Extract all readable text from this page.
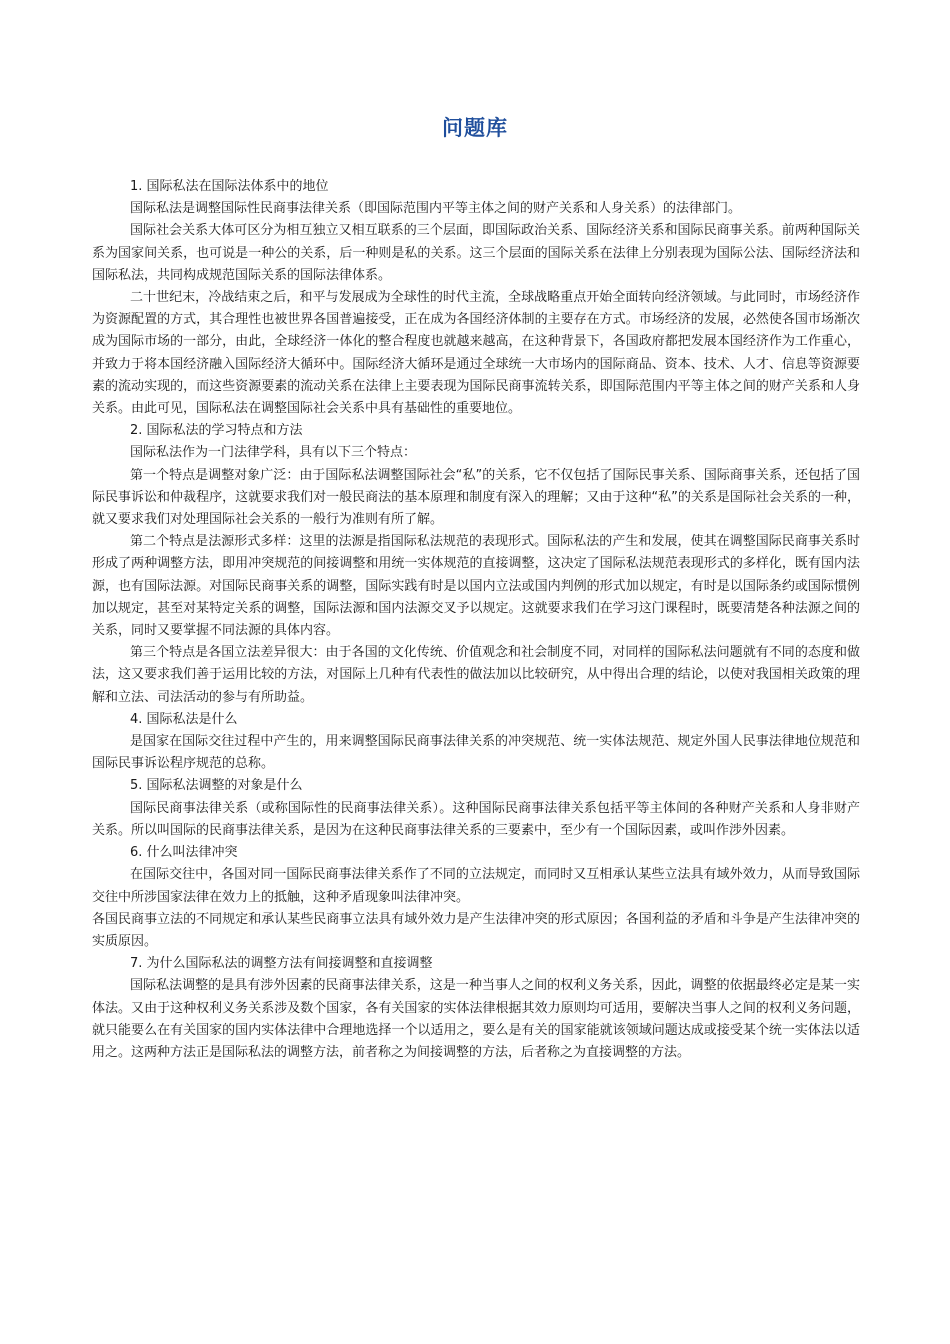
问题库

1. 国际私法在国际法体系中的地位

国际私法是调整国际性民商事法律关系（即国际范围内平等主体之间的财产关系和人身关系）的法律部门。

国际社会关系大体可区分为相互独立又相互联系的三个层面，即国际政治关系、国际经济关系和国际民商事关系。前两种国际关系为国家间关系，也可说是一种公的关系，后一种则是私的关系。这三个层面的国际关系在法律上分别表现为国际公法、国际经济法和国际私法，共同构成规范国际关系的国际法律体系。

二十世纪末，冷战结束之后，和平与发展成为全球性的时代主流，全球战略重点开始全面转向经济领域。与此同时，市场经济作为资源配置的方式，其合理性也被世界各国普遍接受，正在成为各国经济体制的主要存在方式。市场经济的发展，必然使各国市场渐次成为国际市场的一部分，由此，全球经济一体化的整合程度也就越来越高，在这种背景下，各国政府都把发展本国经济作为工作重心，并致力于将本国经济融入国际经济大循环中。国际经济大循环是通过全球统一大市场内的国际商品、资本、技术、人才、信息等资源要素的流动实现的，而这些资源要素的流动关系在法律上主要表现为国际民商事流转关系，即国际范围内平等主体之间的财产关系和人身关系。由此可见，国际私法在调整国际社会关系中具有基础性的重要地位。

2. 国际私法的学习特点和方法

国际私法作为一门法律学科，具有以下三个特点：

第一个特点是调整对象广泛：由于国际私法调整国际社会“私”的关系，它不仅包括了国际民事关系、国际商事关系，还包括了国际民事诉讼和仲裁程序，这就要求我们对一般民商法的基本原理和制度有深入的理解；又由于这种“私”的关系是国际社会关系的一种，就又要求我们对处理国际社会关系的一般行为准则有所了解。

第二个特点是法源形式多样：这里的法源是指国际私法规范的表现形式。国际私法的产生和发展，使其在调整国际民商事关系时形成了两种调整方法，即用冲突规范的间接调整和用统一实体规范的直接调整，这决定了国际私法规范表现形式的多样化，既有国内法源，也有国际法源。对国际民商事关系的调整，国际实践有时是以国内立法或国内判例的形式加以规定，有时是以国际条约或国际惯例加以规定，甚至对某特定关系的调整，国际法源和国内法源交叉予以规定。这就要求我们在学习这门课程时，既要清楚各种法源之间的关系，同时又要掌握不同法源的具体内容。

第三个特点是各国立法差异很大：由于各国的文化传统、价值观念和社会制度不同，对同样的国际私法问题就有不同的态度和做法，这又要求我们善于运用比较的方法，对国际上几种有代表性的做法加以比较研究，从中得出合理的结论，以使对我国相关政策的理解和立法、司法活动的参与有所助益。

4. 国际私法是什么

是国家在国际交往过程中产生的，用来调整国际民商事法律关系的冲突规范、统一实体法规范、规定外国人民事法律地位规范和国际民事诉讼程序规范的总称。

5. 国际私法调整的对象是什么

国际民商事法律关系（或称国际性的民商事法律关系）。这种国际民商事法律关系包括平等主体间的各种财产关系和人身非财产关系。所以叫国际的民商事法律关系，是因为在这种民商事法律关系的三要素中，至少有一个国际因素，或叫作涉外因素。

6. 什么叫法律冲突

在国际交往中，各国对同一国际民商事法律关系作了不同的立法规定，而同时又互相承认某些立法具有域外效力，从而导致国际交往中所涉国家法律在效力上的抵触，这种矛盾现象叫法律冲突。

各国民商事立法的不同规定和承认某些民商事立法具有域外效力是产生法律冲突的形式原因；各国利益的矛盾和斗争是产生法律冲突的实质原因。

7. 为什么国际私法的调整方法有间接调整和直接调整

国际私法调整的是具有涉外因素的民商事法律关系，这是一种当事人之间的权利义务关系，因此，调整的依据最终必定是某一实体法。又由于这种权利义务关系涉及数个国家，各有关国家的实体法律根据其效力原则均可适用，要解决当事人之间的权利义务问题，就只能要么在有关国家的国内实体法律中合理地选择一个以适用之，要么是有关的国家能就该领域问题达成或接受某个统一实体法以适用之。这两种方法正是国际私法的调整方法，前者称之为间接调整的方法，后者称之为直接调整的方法。
